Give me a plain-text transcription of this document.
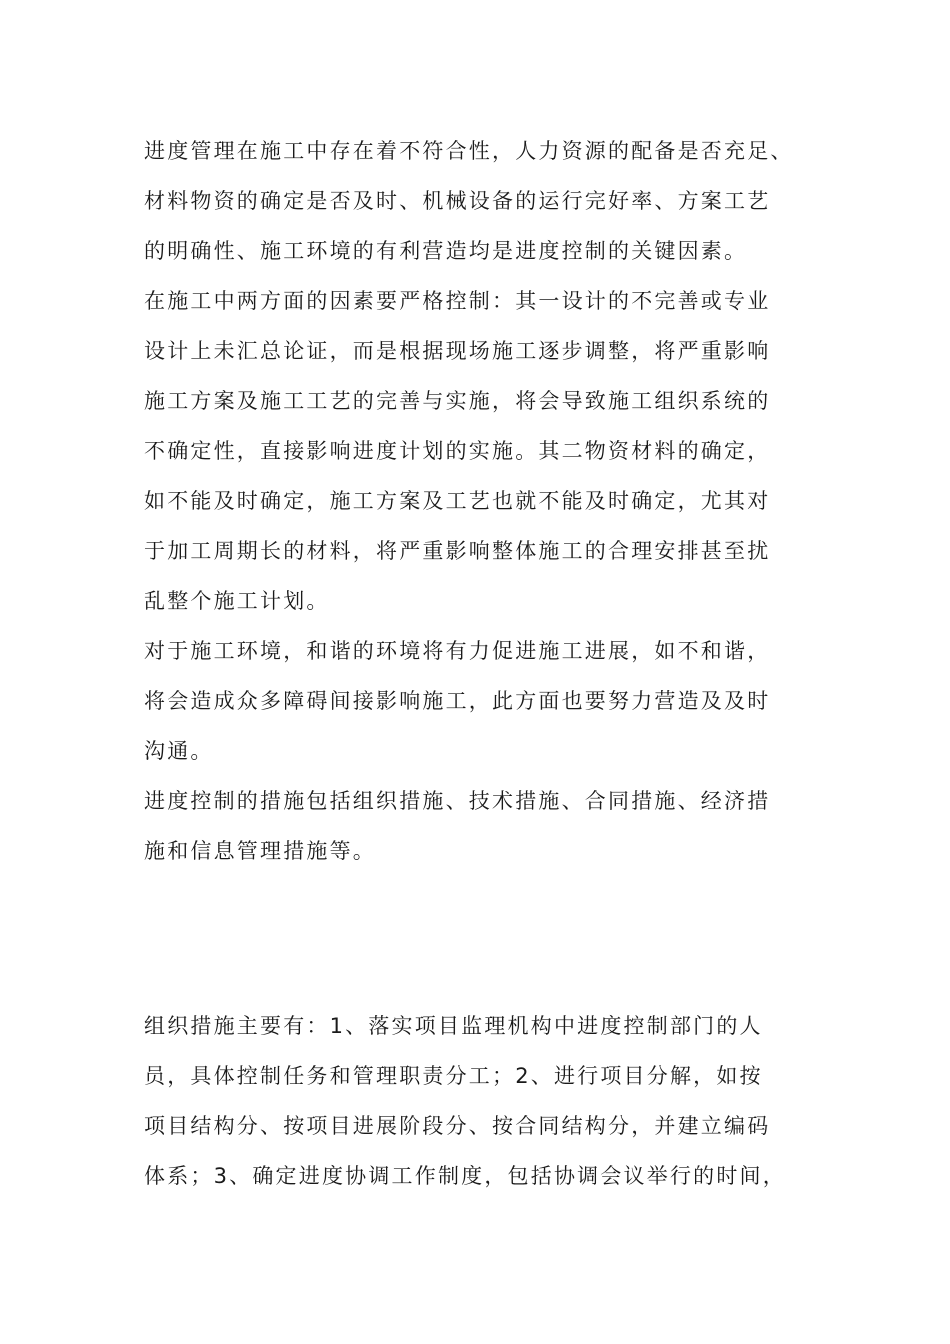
进度管理在施工中存在着不符合性，人力资源的配备是否充足、
材料物资的确定是否及时、机械设备的运行完好率、方案工艺
的明确性、施工环境的有利营造均是进度控制的关键因素。
在施工中两方面的因素要严格控制：其一设计的不完善或专业
设计上未汇总论证，而是根据现场施工逐步调整，将严重影响
施工方案及施工工艺的完善与实施，将会导致施工组织系统的
不确定性，直接影响进度计划的实施。其二物资材料的确定，
如不能及时确定，施工方案及工艺也就不能及时确定，尤其对
于加工周期长的材料，将严重影响整体施工的合理安排甚至扰
乱整个施工计划。
对于施工环境，和谐的环境将有力促进施工进展，如不和谐，
将会造成众多障碍间接影响施工，此方面也要努力营造及及时
沟通。
进度控制的措施包括组织措施、技术措施、合同措施、经济措
施和信息管理措施等。
组织措施主要有：1、落实项目监理机构中进度控制部门的人
员，具体控制任务和管理职责分工；2、进行项目分解，如按
项目结构分、按项目进展阶段分、按合同结构分，并建立编码
体系；3、确定进度协调工作制度，包括协调会议举行的时间，
